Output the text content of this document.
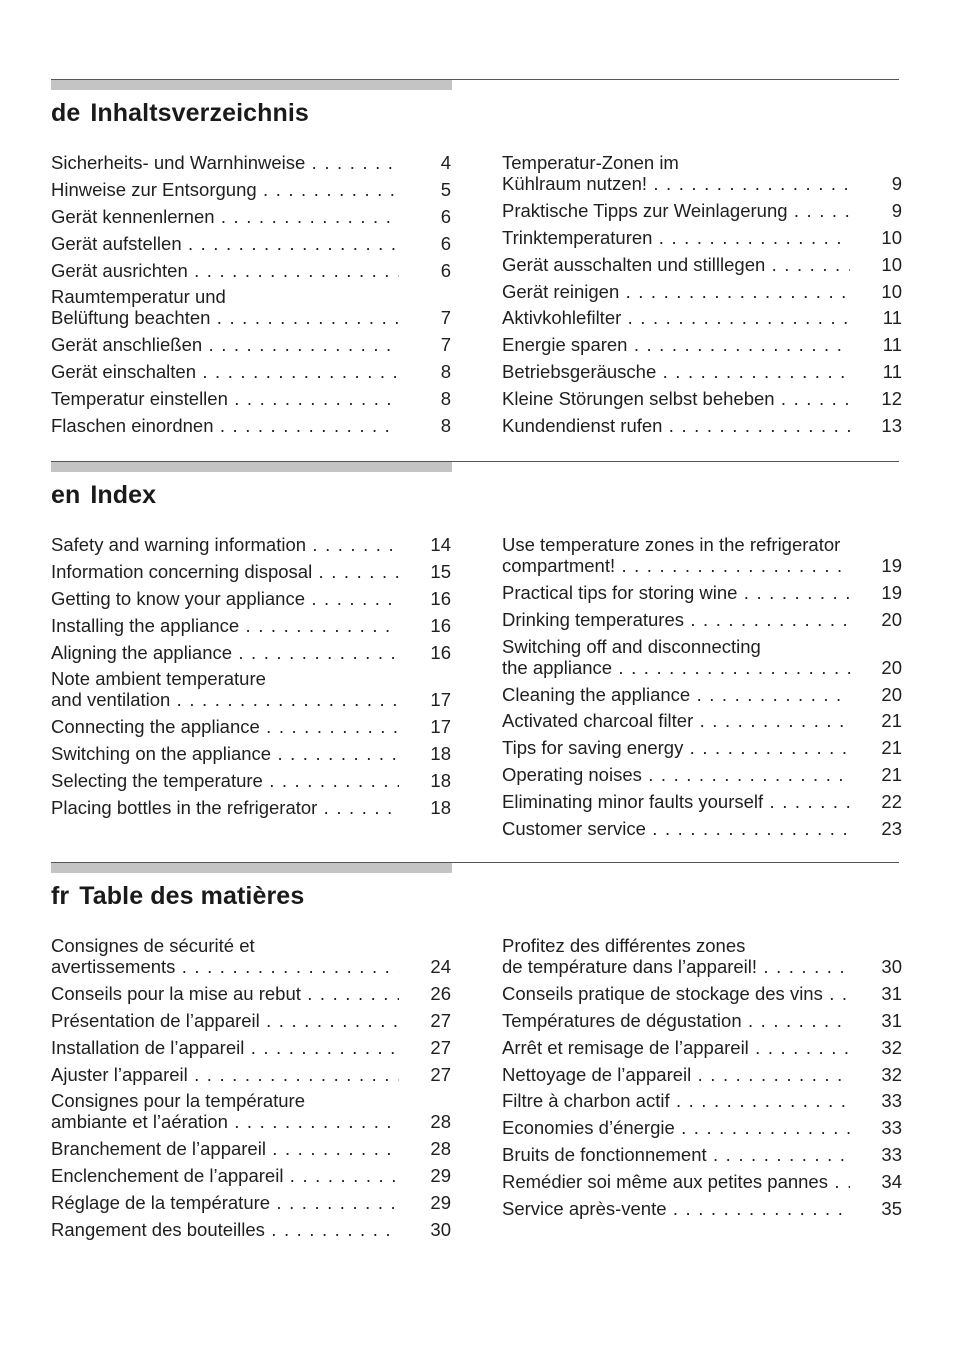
de Inhaltsverzeichnis
Sicherheits- und Warnhinweise . . .	4
Hinweise zur Entsorgung . . .	5
Gerät kennenlernen . . .	6
Gerät aufstellen . . .	6
Gerät ausrichten . . .	6
Raumtemperatur und
Belüftung beachten . . .	7
Gerät anschließen . . .	7
Gerät einschalten . . .	8
Temperatur einstellen . . .	8
Flaschen einordnen . . .	8
Temperatur-Zonen im
Kühlraum nutzen! . . .	9
Praktische Tipps zur Weinlagerung . . .	9
Trinktemperaturen . . .	10
Gerät ausschalten und stilllegen . . .	10
Gerät reinigen . . .	10
Aktivkohlefilter . . .	11
Energie sparen . . .	11
Betriebsgeräusche . . .	11
Kleine Störungen selbst beheben . . .	12
Kundendienst rufen . . .	13
en Index
Safety and warning information . . .	14
Information concerning disposal . . .	15
Getting to know your appliance . . .	16
Installing the appliance . . .	16
Aligning the appliance . . .	16
Note ambient temperature
and ventilation . . .	17
Connecting the appliance . . .	17
Switching on the appliance . . .	18
Selecting the temperature . . .	18
Placing bottles in the refrigerator . . .	18
Use temperature zones in the refrigerator
compartment! . . .	19
Practical tips for storing wine . . .	19
Drinking temperatures . . .	20
Switching off and disconnecting
the appliance . . .	20
Cleaning the appliance . . .	20
Activated charcoal filter . . .	21
Tips for saving energy . . .	21
Operating noises . . .	21
Eliminating minor faults yourself . . .	22
Customer service . . .	23
fr Table des matières
Consignes de sécurité et
avertissements . . .	24
Conseils pour la mise au rebut . . .	26
Présentation de l’appareil . . .	27
Installation de l’appareil . . .	27
Ajuster l’appareil . . .	27
Consignes pour la température
ambiante et l’aération . . .	28
Branchement de l’appareil . . .	28
Enclenchement de l’appareil . . .	29
Réglage de la température . . .	29
Rangement des bouteilles . . .	30
Profitez des différentes zones
de température dans l’appareil! . . .	30
Conseils pratique de stockage des vins . . .	31
Températures de dégustation . . .	31
Arrêt et remisage de l’appareil . . .	32
Nettoyage de l’appareil . . .	32
Filtre à charbon actif . . .	33
Economies d’énergie . . .	33
Bruits de fonctionnement . . .	33
Remédier soi même aux petites pannes . . .	34
Service après-vente . . .	35
